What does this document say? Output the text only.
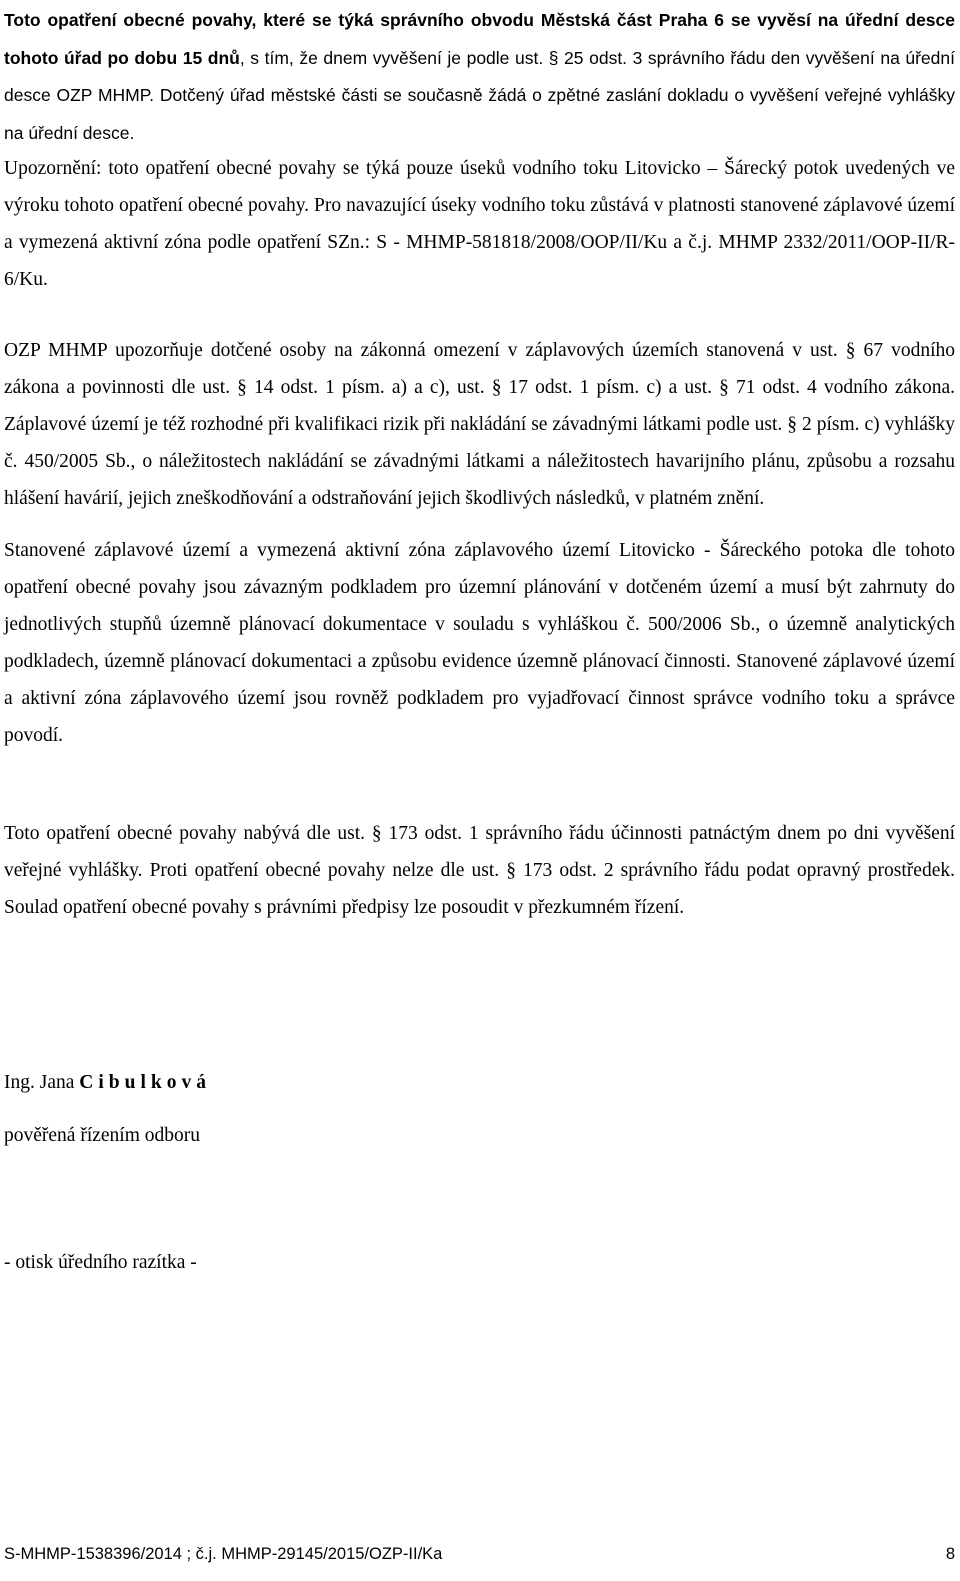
Toto opatření obecné povahy, které se týká správního obvodu Městská část Praha 6 se vyvěsí na úřední desce tohoto úřad po dobu 15 dnů, s tím, že dnem vyvěšení je podle ust. § 25 odst. 3 správního řádu den vyvěšení na úřední desce OZP MHMP. Dotčený úřad městské části se současně žádá o zpětné zaslání dokladu o vyvěšení veřejné vyhlášky na úřední desce.

Upozornění: toto opatření obecné povahy se týká pouze úseků vodního toku Litovicko – Šárecký potok uvedených ve výroku tohoto opatření obecné povahy. Pro navazující úseky vodního toku zůstává v platnosti stanovené záplavové území a vymezená aktivní zóna podle opatření SZn.: S - MHMP-581818/2008/OOP/II/Ku a č.j. MHMP 2332/2011/OOP-II/R-6/Ku.

OZP MHMP upozorňuje dotčené osoby na zákonná omezení v záplavových územích stanovená v ust. § 67 vodního zákona a povinnosti dle ust. § 14 odst. 1 písm. a) a c), ust. § 17 odst. 1 písm. c) a ust. § 71 odst. 4 vodního zákona. Záplavové území je též rozhodné při kvalifikaci rizik při nakládání se závadnými látkami podle ust. § 2 písm. c) vyhlášky č. 450/2005 Sb., o náležitostech nakládání se závadnými látkami a náležitostech havarijního plánu, způsobu a rozsahu hlášení havárií, jejich zneškodňování a odstraňování jejich škodlivých následků, v platném znění.

Stanovené záplavové území a vymezená aktivní zóna záplavového území Litovicko - Šáreckého potoka dle tohoto opatření obecné povahy jsou závazným podkladem pro územní plánování v dotčeném území a musí být zahrnuty do jednotlivých stupňů územně plánovací dokumentace v souladu s vyhláškou č. 500/2006 Sb., o územně analytických podkladech, územně plánovací dokumentaci a způsobu evidence územně plánovací činnosti. Stanovené záplavové území a aktivní zóna záplavového území jsou rovněž podkladem pro vyjadřovací činnost správce vodního toku a správce povodí.

Toto opatření obecné povahy nabývá dle ust. § 173 odst. 1 správního řádu účinnosti patnáctým dnem po dni vyvěšení veřejné vyhlášky. Proti opatření obecné povahy nelze dle ust. § 173 odst. 2 správního řádu podat opravný prostředek. Soulad opatření obecné povahy s právními předpisy lze posoudit v přezkumném řízení.

Ing. Jana Cibulková
pověřená řízením odboru
- otisk úředního razítka -
S-MHMP-1538396/2014 ; č.j. MHMP-29145/2015/OZP-II/Ka	8
